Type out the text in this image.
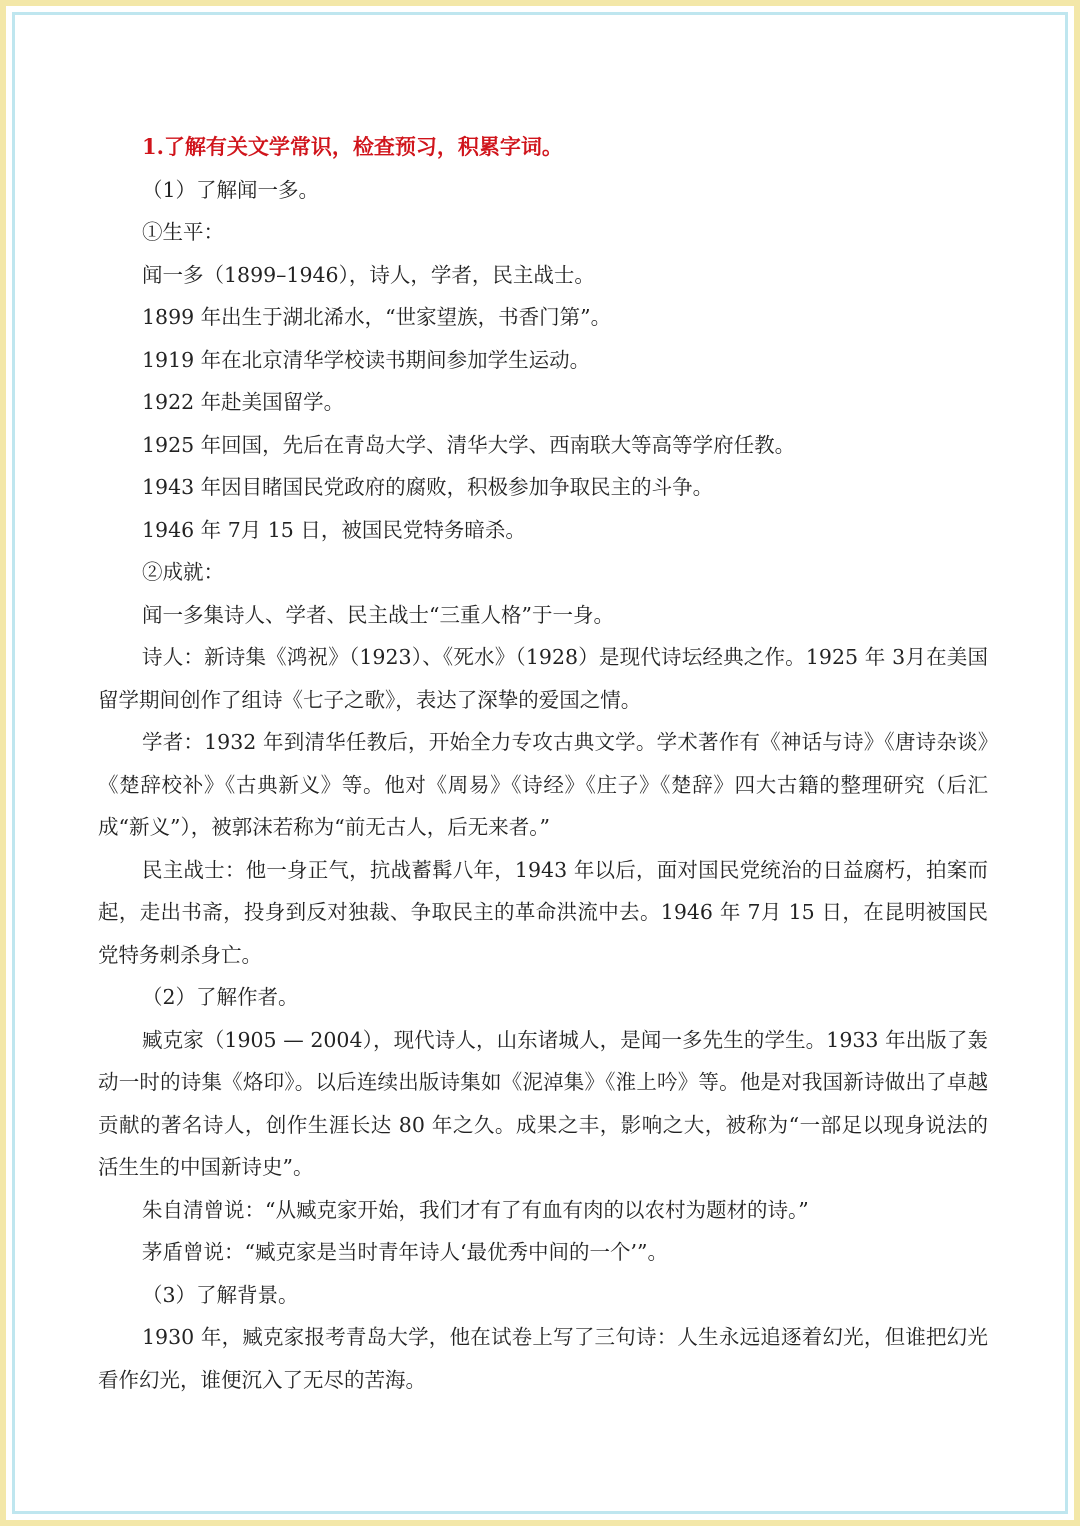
1.了解有关文学常识，检查预习，积累字词。

（1）了解闻一多。

①生平：

闻一多（1899–1946），诗人，学者，民主战士。

1899 年出生于湖北浠水，“世家望族，书香门第”。

1919 年在北京清华学校读书期间参加学生运动。

1922 年赴美国留学。

1925 年回国，先后在青岛大学、清华大学、西南联大等高等学府任教。

1943 年因目睹国民党政府的腐败，积极参加争取民主的斗争。

1946 年 7月 15 日，被国民党特务暗杀。

②成就：

闻一多集诗人、学者、民主战士“三重人格”于一身。

诗人：新诗集《鸿祝》（1923）、《死水》（1928）是现代诗坛经典之作。1925 年 3月在美国留学期间创作了组诗《七子之歌》，表达了深挚的爱国之情。

学者：1932 年到清华任教后，开始全力专攻古典文学。学术著作有《神话与诗》《唐诗杂谈》《楚辞校补》《古典新义》等。他对《周易》《诗经》《庄子》《楚辞》四大古籍的整理研究（后汇成“新义”），被郭沫若称为“前无古人，后无来者。”

民主战士：他一身正气，抗战蓄髯八年，1943 年以后，面对国民党统治的日益腐朽，拍案而起，走出书斋，投身到反对独裁、争取民主的革命洪流中去。1946 年 7月 15 日，在昆明被国民党特务刺杀身亡。

（2）了解作者。

臧克家（1905 — 2004），现代诗人，山东诸城人，是闻一多先生的学生。1933 年出版了轰动一时的诗集《烙印》。以后连续出版诗集如《泥淖集》《淮上吟》等。他是对我国新诗做出了卓越贡献的著名诗人，创作生涯长达 80 年之久。成果之丰，影响之大，被称为“一部足以现身说法的活生生的中国新诗史”。

朱自清曾说：“从臧克家开始，我们才有了有血有肉的以农村为题材的诗。”

茅盾曾说：“臧克家是当时青年诗人‘最优秀中间的一个’”。

（3）了解背景。

1930 年，臧克家报考青岛大学，他在试卷上写了三句诗：人生永远追逐着幻光，但谁把幻光看作幻光，谁便沉入了无尽的苦海。
